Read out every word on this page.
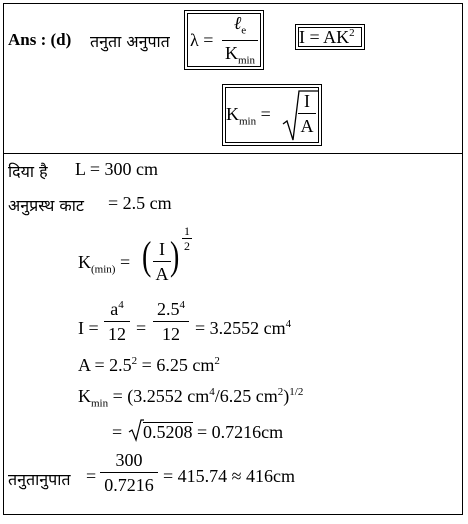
Ans : (d) तनुता अनुपात λ =
ℓ$_e$
$K_{min}$
$I = AK^2$
$K_{min}$ =
I
A
दिया है L = 300 cm
अनुप्रस्थ काट = 2.5 cm
$K_{(min)}$ = ( I
A )
1
2
I =
$a^4$
12 =
$2.5^4$
12 = 3.2552 $cm^4$
$A = 2.5^2 = 6.25$ $cm^2$
$K_{min} = (3.2552$ $cm^4/6.25$ $cm^2)^{1/2}$
= 0.5208 = 0.7216cm
तनुतानुपात =
300
0.7216 = 415.74 ≈ 416cm
